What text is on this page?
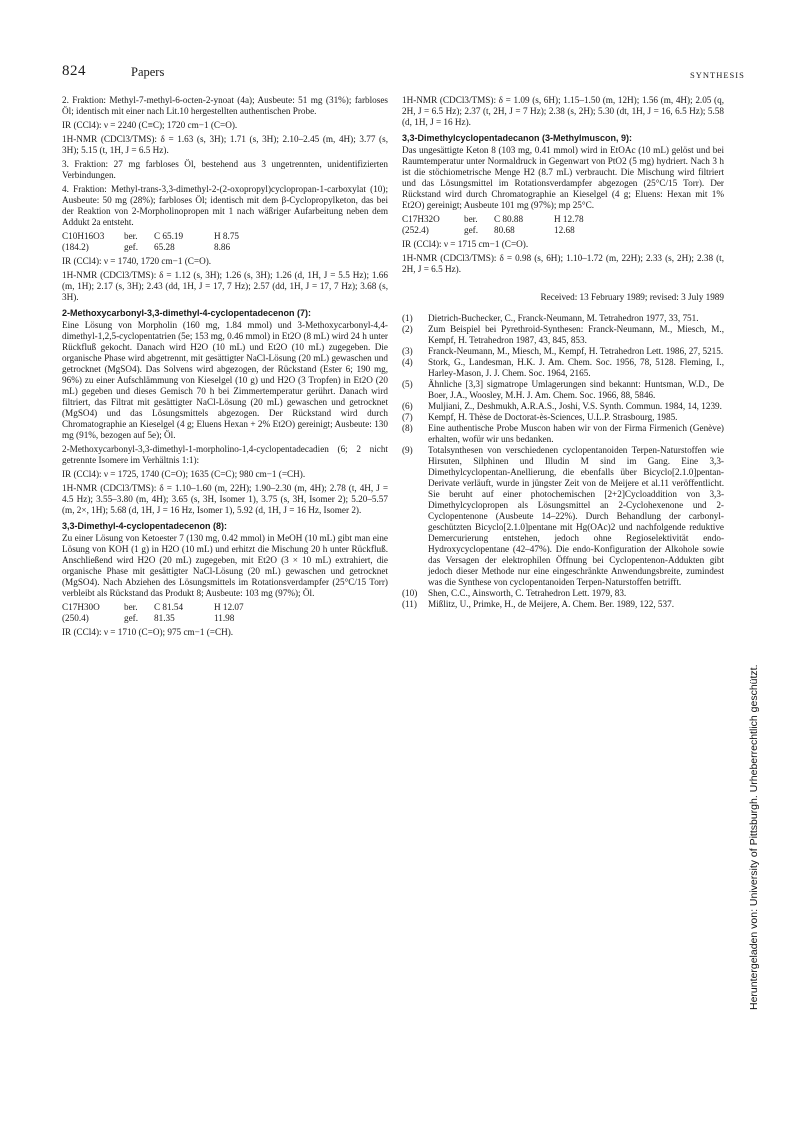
824	Papers	SYNTHESIS

2. Fraktion: Methyl-7-methyl-6-octen-2-ynoat (4a); Ausbeute: 51 mg (31%); farbloses Öl; identisch mit einer nach Lit.10 hergestellten authentischen Probe.

IR (CCl4): ν = 2240 (C≡C); 1720 cm−1 (C=O).

1H-NMR (CDCl3/TMS): δ = 1.63 (s, 3H); 1.71 (s, 3H); 2.10–2.45 (m, 4H); 3.77 (s, 3H); 5.15 (t, 1H, J = 6.5 Hz).

3. Fraktion: 27 mg farbloses Öl, bestehend aus 3 ungetrennten, unidentifizierten Verbindungen.

4. Fraktion: Methyl-trans-3,3-dimethyl-2-(2-oxopropyl)cyclopropan-1-carboxylat (10); Ausbeute: 50 mg (28%); farbloses Öl; identisch mit dem β-Cyclopropylketon, das bei der Reaktion von 2-Morpholinopropen mit 1 nach wäßriger Aufarbeitung neben dem Addukt 2a entsteht.

C10H16O3	ber.	C 65.19	H 8.75
(184.2)	gef.	65.28	8.86

IR (CCl4): ν = 1740, 1720 cm−1 (C=O).

1H-NMR (CDCl3/TMS): δ = 1.12 (s, 3H); 1.26 (s, 3H); 1.26 (d, 1H, J = 5.5 Hz); 1.66 (m, 1H); 2.17 (s, 3H); 2.43 (dd, 1H, J = 17, 7 Hz); 2.57 (dd, 1H, J = 17, 7 Hz); 3.68 (s, 3H).

2-Methoxycarbonyl-3,3-dimethyl-4-cyclopentadecenon (7):

Eine Lösung von Morpholin (160 mg, 1.84 mmol) und 3-Methoxycarbonyl-4,4-dimethyl-1,2,5-cyclopentatrien (5e; 153 mg, 0.46 mmol) in Et2O (8 mL) wird 24 h unter Rückfluß gekocht. Danach wird H2O (10 mL) und Et2O (10 mL) zugegeben. Die organische Phase wird abgetrennt, mit gesättigter NaCl-Lösung (20 mL) gewaschen und getrocknet (MgSO4). Das Solvens wird abgezogen, der Rückstand (Ester 6; 190 mg, 96%) zu einer Aufschlämmung von Kieselgel (10 g) und H2O (3 Tropfen) in Et2O (20 mL) gegeben und dieses Gemisch 70 h bei Zimmertemperatur gerührt. Danach wird filtriert, das Filtrat mit gesättigter NaCl-Lösung (20 mL) gewaschen und getrocknet (MgSO4) und das Lösungsmittels abgezogen. Der Rückstand wird durch Chromatographie an Kieselgel (4 g; Eluens Hexan + 2% Et2O) gereinigt; Ausbeute: 130 mg (91%, bezogen auf 5e); Öl.

2-Methoxycarbonyl-3,3-dimethyl-1-morpholino-1,4-cyclopentadecadien (6; 2 nicht getrennte Isomere im Verhältnis 1:1):

IR (CCl4): ν = 1725, 1740 (C=O); 1635 (C=C); 980 cm−1 (=CH).

1H-NMR (CDCl3/TMS): δ = 1.10–1.60 (m, 22H); 1.90–2.30 (m, 4H); 2.78 (t, 4H, J = 4.5 Hz); 3.55–3.80 (m, 4H); 3.65 (s, 3H, Isomer 1), 3.75 (s, 3H, Isomer 2); 5.20–5.57 (m, 2×, 1H); 5.68 (d, 1H, J = 16 Hz, Isomer 1), 5.92 (d, 1H, J = 16 Hz, Isomer 2).

3,3-Dimethyl-4-cyclopentadecenon (8):

Zu einer Lösung von Ketoester 7 (130 mg, 0.42 mmol) in MeOH (10 mL) gibt man eine Lösung von KOH (1 g) in H2O (10 mL) und erhitzt die Mischung 20 h unter Rückfluß. Anschließend wird H2O (20 mL) zugegeben, mit Et2O (3 × 10 mL) extrahiert, die organische Phase mit gesättigter NaCl-Lösung (20 mL) gewaschen und getrocknet (MgSO4). Nach Abziehen des Lösungsmittels im Rotationsverdampfer (25°C/15 Torr) verbleibt als Rückstand das Produkt 8; Ausbeute: 103 mg (97%); Öl.

C17H30O	ber.	C 81.54	H 12.07
(250.4)	gef.	81.35	11.98

IR (CCl4): ν = 1710 (C=O); 975 cm−1 (=CH).

1H-NMR (CDCl3/TMS): δ = 1.09 (s, 6H); 1.15–1.50 (m, 12H); 1.56 (m, 4H); 2.05 (q, 2H, J = 6.5 Hz); 2.37 (t, 2H, J = 7 Hz); 2.38 (s, 2H); 5.30 (dt, 1H, J = 16, 6.5 Hz); 5.58 (d, 1H, J = 16 Hz).

3,3-Dimethylcyclopentadecanon (3-Methylmuscon, 9):

Das ungesättigte Keton 8 (103 mg, 0.41 mmol) wird in EtOAc (10 mL) gelöst und bei Raumtemperatur unter Normaldruck in Gegenwart von PtO2 (5 mg) hydriert. Nach 3 h ist die stöchiometrische Menge H2 (8.7 mL) verbraucht. Die Mischung wird filtriert und das Lösungsmittel im Rotationsverdampfer abgezogen (25°C/15 Torr). Der Rückstand wird durch Chromatographie an Kieselgel (4 g; Eluens: Hexan mit 1% Et2O) gereinigt; Ausbeute 101 mg (97%); mp 25°C.

C17H32O	ber.	C 80.88	H 12.78
(252.4)	gef.	80.68	12.68

IR (CCl4): ν = 1715 cm−1 (C=O).

1H-NMR (CDCl3/TMS): δ = 0.98 (s, 6H); 1.10–1.72 (m, 22H); 2.33 (s, 2H); 2.38 (t, 2H, J = 6.5 Hz).

Received: 13 February 1989; revised: 3 July 1989
(1) Dietrich-Buchecker, C., Franck-Neumann, M. Tetrahedron 1977, 33, 751.
(2) Zum Beispiel bei Pyrethroid-Synthesen: Franck-Neumann, M., Miesch, M., Kempf, H. Tetrahedron 1987, 43, 845, 853.
(3) Franck-Neumann, M., Miesch, M., Kempf, H. Tetrahedron Lett. 1986, 27, 5215.
(4) Stork, G., Landesman, H.K. J. Am. Chem. Soc. 1956, 78, 5128. Fleming, I., Harley-Mason, J. J. Chem. Soc. 1964, 2165.
(5) Ähnliche [3,3] sigmatrope Umlagerungen sind bekannt: Huntsman, W.D., De Boer, J.A., Woosley, M.H. J. Am. Chem. Soc. 1966, 88, 5846.
(6) Muljiani, Z., Deshmukh, A.R.A.S., Joshi, V.S. Synth. Commun. 1984, 14, 1239.
(7) Kempf, H. Thèse de Doctorat-ès-Sciences, U.L.P. Strasbourg, 1985.
(8) Eine authentische Probe Muscon haben wir von der Firma Firmenich (Genève) erhalten, wofür wir uns bedanken.
(9) Totalsynthesen von verschiedenen cyclopentanoiden Terpen-Naturstoffen wie Hirsuten, Silphinen und Illudin M sind im Gang. Eine 3,3-Dimethylcyclopentan-Anellierung, die ebenfalls über Bicyclo[2.1.0]pentan-Derivate verläuft, wurde in jüngster Zeit von de Meijere et al.11 veröffentlicht. Sie beruht auf einer photochemischen [2+2]Cycloaddition von 3,3-Dimethylcyclopropen als Lösungsmittel an 2-Cyclohexenone und 2-Cyclopentenone (Ausbeute 14–22%). Durch Behandlung der carbonyl-geschützten Bicyclo[2.1.0]pentane mit Hg(OAc)2 und nachfolgende reduktive Demercurierung entstehen, jedoch ohne Regioselektivität endo-Hydroxycyclopentane (42–47%). Die endo-Konfiguration der Alkohole sowie das Versagen der elektrophilen Öffnung bei Cyclopentenon-Addukten gibt jedoch dieser Methode nur eine eingeschränkte Anwendungsbreite, zumindest was die Synthese von cyclopentanoiden Terpen-Naturstoffen betrifft.
(10) Shen, C.C., Ainsworth, C. Tetrahedron Lett. 1979, 83.
(11) Mißlitz, U., Primke, H., de Meijere, A. Chem. Ber. 1989, 122, 537.
Heruntergeladen von: University of Pittsburgh. Urheberrechtlich geschützt.
